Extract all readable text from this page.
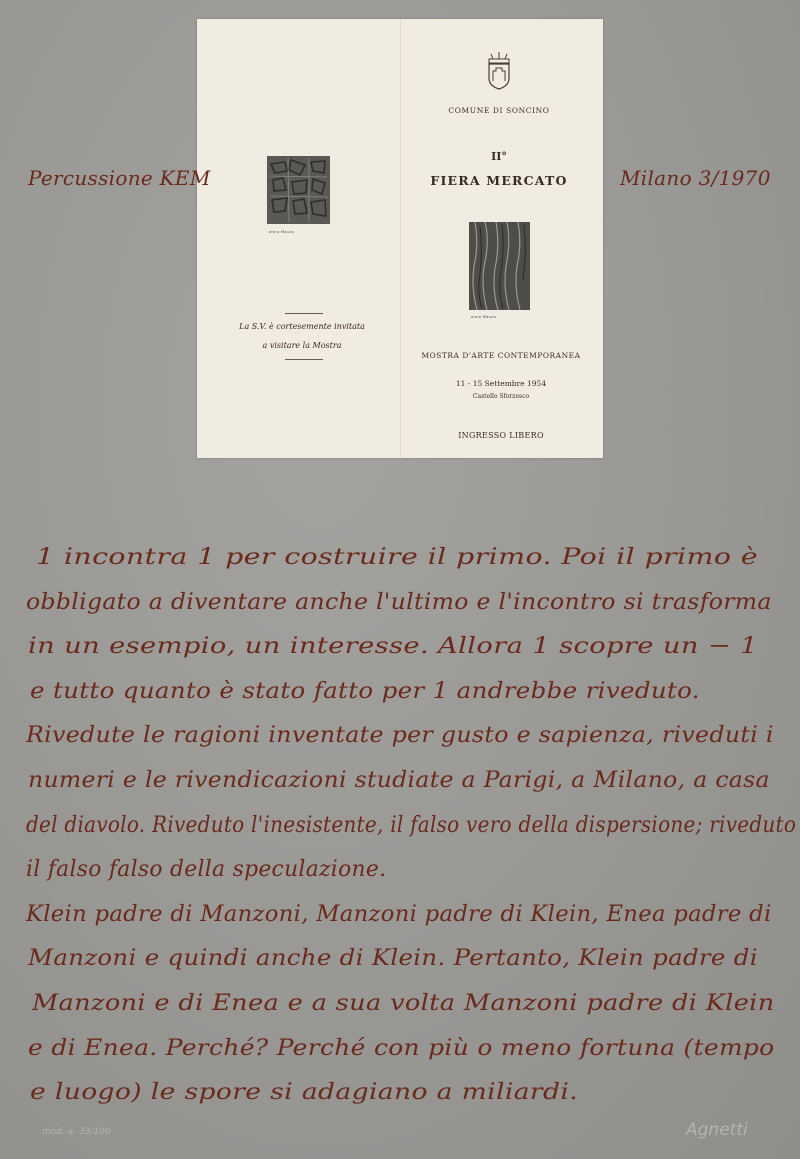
COMUNE DI SONCINO
II°
FIERA MERCATO
anna Mauza
anna Mauza
La S.V. è cortesemente invitata
a visitare la Mostra
MOSTRA D'ARTE CONTEMPORANEA
11 - 15 Settembre 1954
Castello Sforzesco
INGRESSO LIBERO
Percussione KEM	Milano 3/1970
1 incontra 1 per costruire il primo. Poi il primo è
obbligato a diventare anche l'ultimo e l'incontro si trasforma
in un esempio, un interesse. Allora 1 scopre un − 1
e tutto quanto è stato fatto per 1 andrebbe riveduto.
Rivedute le ragioni inventate per gusto e sapienza, riveduti i
numeri e le rivendicazioni studiate a Parigi, a Milano, a casa
del diavolo. Riveduto l'inesistente, il falso vero della dispersione; riveduto
il falso falso della speculazione.
Klein padre di Manzoni, Manzoni padre di Klein, Enea padre di
Manzoni e quindi anche di Klein. Pertanto, Klein padre di
Manzoni e di Enea e a sua volta Manzoni padre di Klein
e di Enea. Perché? Perché con più o meno fortuna (tempo
e luogo) le spore si adagiano a miliardi.
mod. a. 33/100	Agnetti
